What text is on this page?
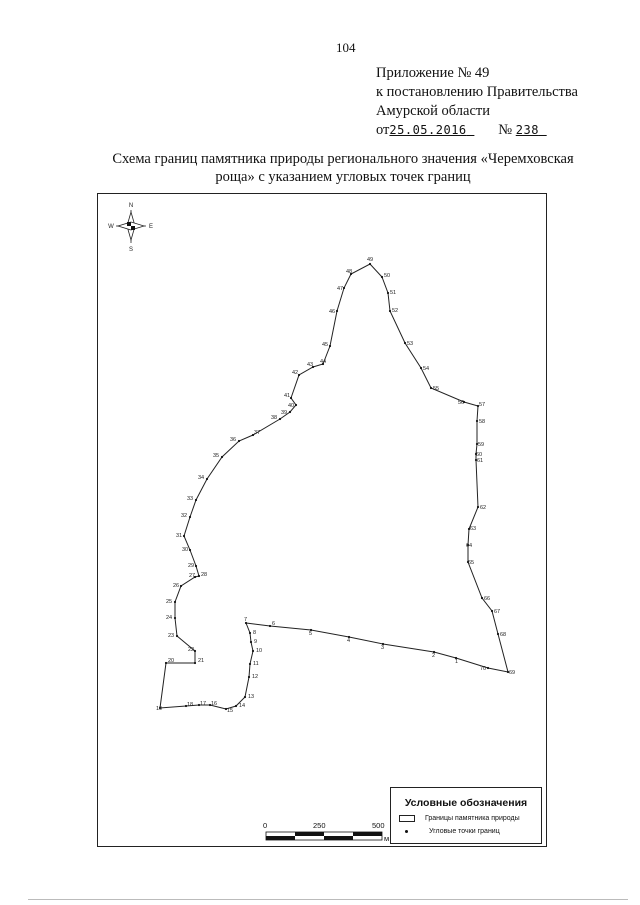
104
Приложение № 49
к постановлению Правительства
Амурской области
от25.05.2016 № 238
Схема границ памятника природы регионального значения «Черемховская
роща» с указанием угловых точек границ
N
S
E
W
1
2
3
4
5
6
7
8
9
10
11
12
13
14
15
16
17
18
19
20	21
22
23
24
25
26
27 28
29
30
31
32
33
34
35
36
37
38
39
40
41
42
43 44
45
46
47
48
49
50
51
52
53
54
55
56	57
58
59
60
61
62
63
64
65
66
67
68
69
70
0	250	500
м
Условные обозначения
Границы памятника природы
Угловые точки границ
